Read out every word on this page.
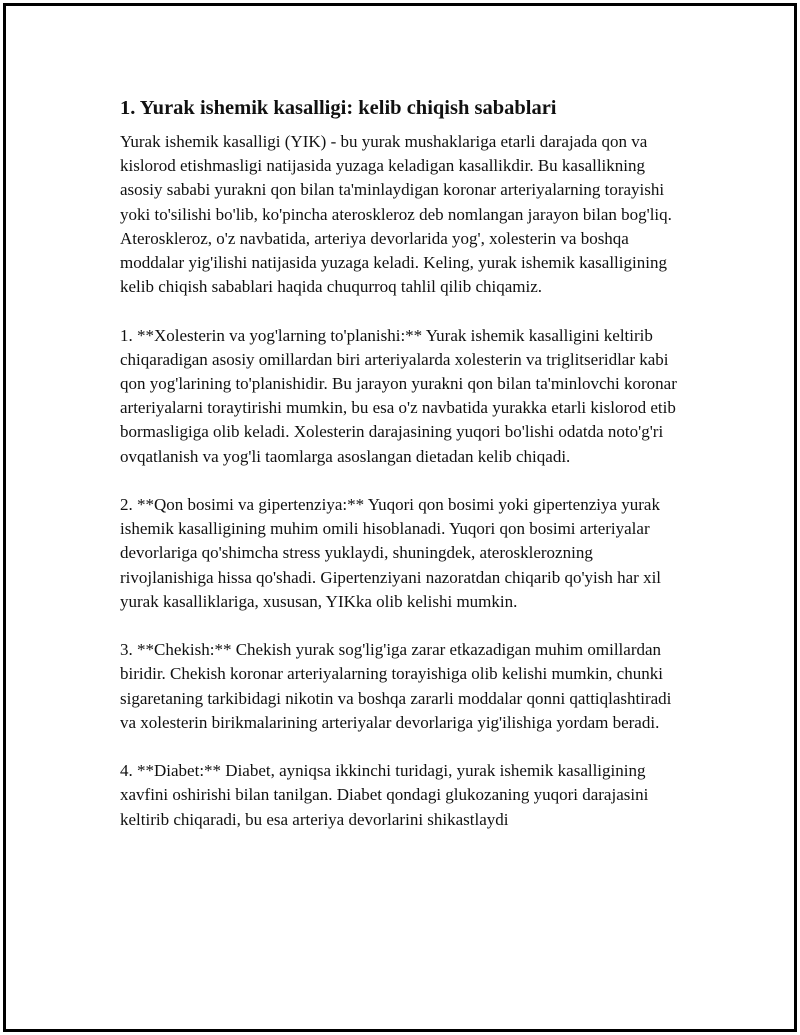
1. Yurak ishemik kasalligi: kelib chiqish sabablari

Yurak ishemik kasalligi (YIK) - bu yurak mushaklariga etarli darajada qon va kislorod etishmasligi natijasida yuzaga keladigan kasallikdir. Bu kasallikning asosiy sababi yurakni qon bilan ta'minlaydigan koronar arteriyalarning torayishi yoki to'silishi bo'lib, ko'pincha ateroskleroz deb nomlangan jarayon bilan bog'liq. Ateroskleroz, o'z navbatida, arteriya devorlarida yog', xolesterin va boshqa moddalar yig'ilishi natijasida yuzaga keladi. Keling, yurak ishemik kasalligining kelib chiqish sabablari haqida chuqurroq tahlil qilib chiqamiz.

1. **Xolesterin va yog'larning to'planishi:** Yurak ishemik kasalligini keltirib chiqaradigan asosiy omillardan biri arteriyalarda xolesterin va triglitseridlar kabi qon yog'larining to'planishidir. Bu jarayon yurakni qon bilan ta'minlovchi koronar arteriyalarni toraytirishi mumkin, bu esa o'z navbatida yurakka etarli kislorod etib bormasligiga olib keladi. Xolesterin darajasining yuqori bo'lishi odatda noto'g'ri ovqatlanish va yog'li taomlarga asoslangan dietadan kelib chiqadi.

2. **Qon bosimi va gipertenziya:** Yuqori qon bosimi yoki gipertenziya yurak ishemik kasalligining muhim omili hisoblanadi. Yuqori qon bosimi arteriyalar devorlariga qo'shimcha stress yuklaydi, shuningdek, aterosklerozning rivojlanishiga hissa qo'shadi. Gipertenziyani nazoratdan chiqarib qo'yish har xil yurak kasalliklariga, xususan, YIKka olib kelishi mumkin.

3. **Chekish:** Chekish yurak sog'lig'iga zarar etkazadigan muhim omillardan biridir. Chekish koronar arteriyalarning torayishiga olib kelishi mumkin, chunki sigaretaning tarkibidagi nikotin va boshqa zararli moddalar qonni qattiqlashtiradi va xolesterin birikmalarining arteriyalar devorlariga yig'ilishiga yordam beradi.

4. **Diabet:** Diabet, ayniqsa ikkinchi turidagi, yurak ishemik kasalligining xavfini oshirishi bilan tanilgan. Diabet qondagi glukozaning yuqori darajasini keltirib chiqaradi, bu esa arteriya devorlarini shikastlaydi
